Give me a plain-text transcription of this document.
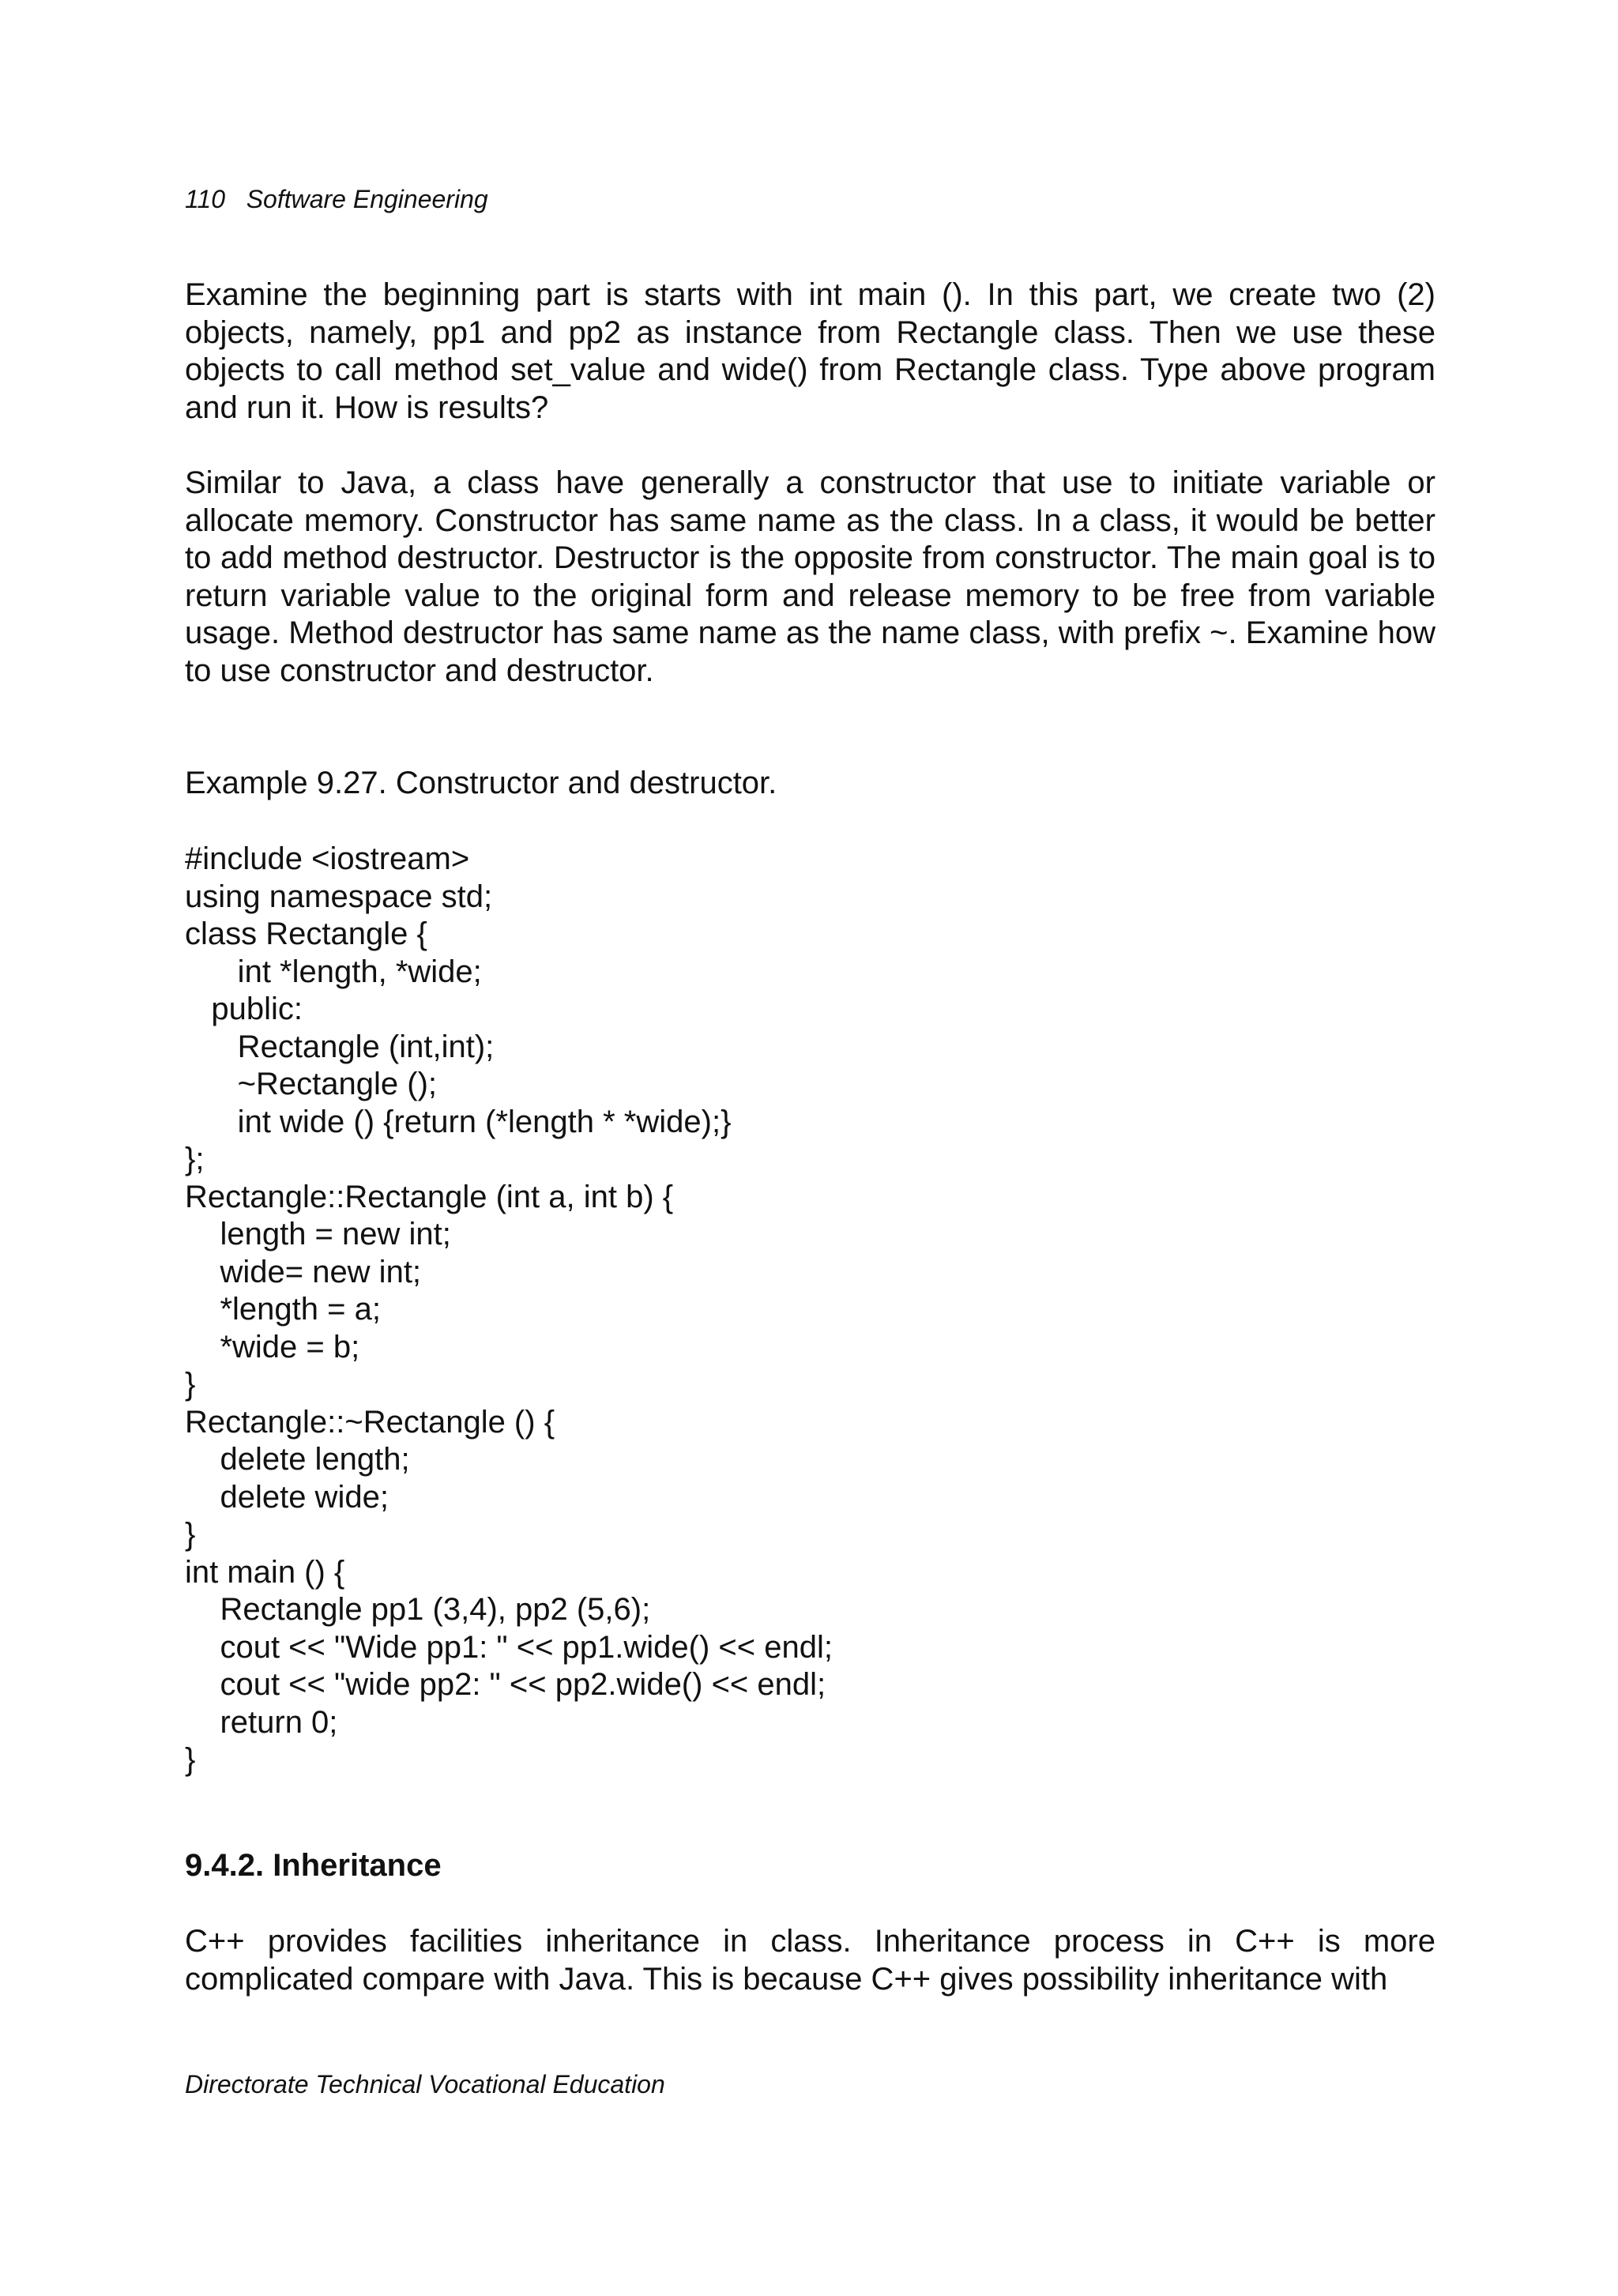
110 Software Engineering
Examine the beginning part is starts with int main (). In this part, we create two (2) objects, namely, pp1 and pp2 as instance from Rectangle class. Then we use these objects to call method set_value and wide() from Rectangle class. Type above program and run it. How is results?
Similar to Java, a class have generally a constructor that use to initiate variable or allocate memory. Constructor has same name as the class. In a class, it would be better to add method destructor. Destructor is the opposite from constructor. The main goal is to return variable value to the original form and release memory to be free from variable usage. Method destructor has same name as the name class, with prefix ~. Examine how to use constructor and destructor.
Example 9.27. Constructor and destructor.
#include <iostream>
using namespace std;
class Rectangle {
int *length, *wide;
public:
Rectangle (int,int);
~Rectangle ();
int wide () {return (*length * *wide);}
};
Rectangle::Rectangle (int a, int b) {
length = new int;
wide= new int;
*length = a;
*wide = b;
}
Rectangle::~Rectangle () {
delete length;
delete wide;
}
int main () {
Rectangle pp1 (3,4), pp2 (5,6);
cout << "Wide pp1: " << pp1.wide() << endl;
cout << "wide pp2: " << pp2.wide() << endl;
return 0;
}
9.4.2. Inheritance
C++ provides facilities inheritance in class. Inheritance process in C++ is more complicated compare with Java. This is because C++ gives possibility inheritance with
Directorate Technical Vocational Education
